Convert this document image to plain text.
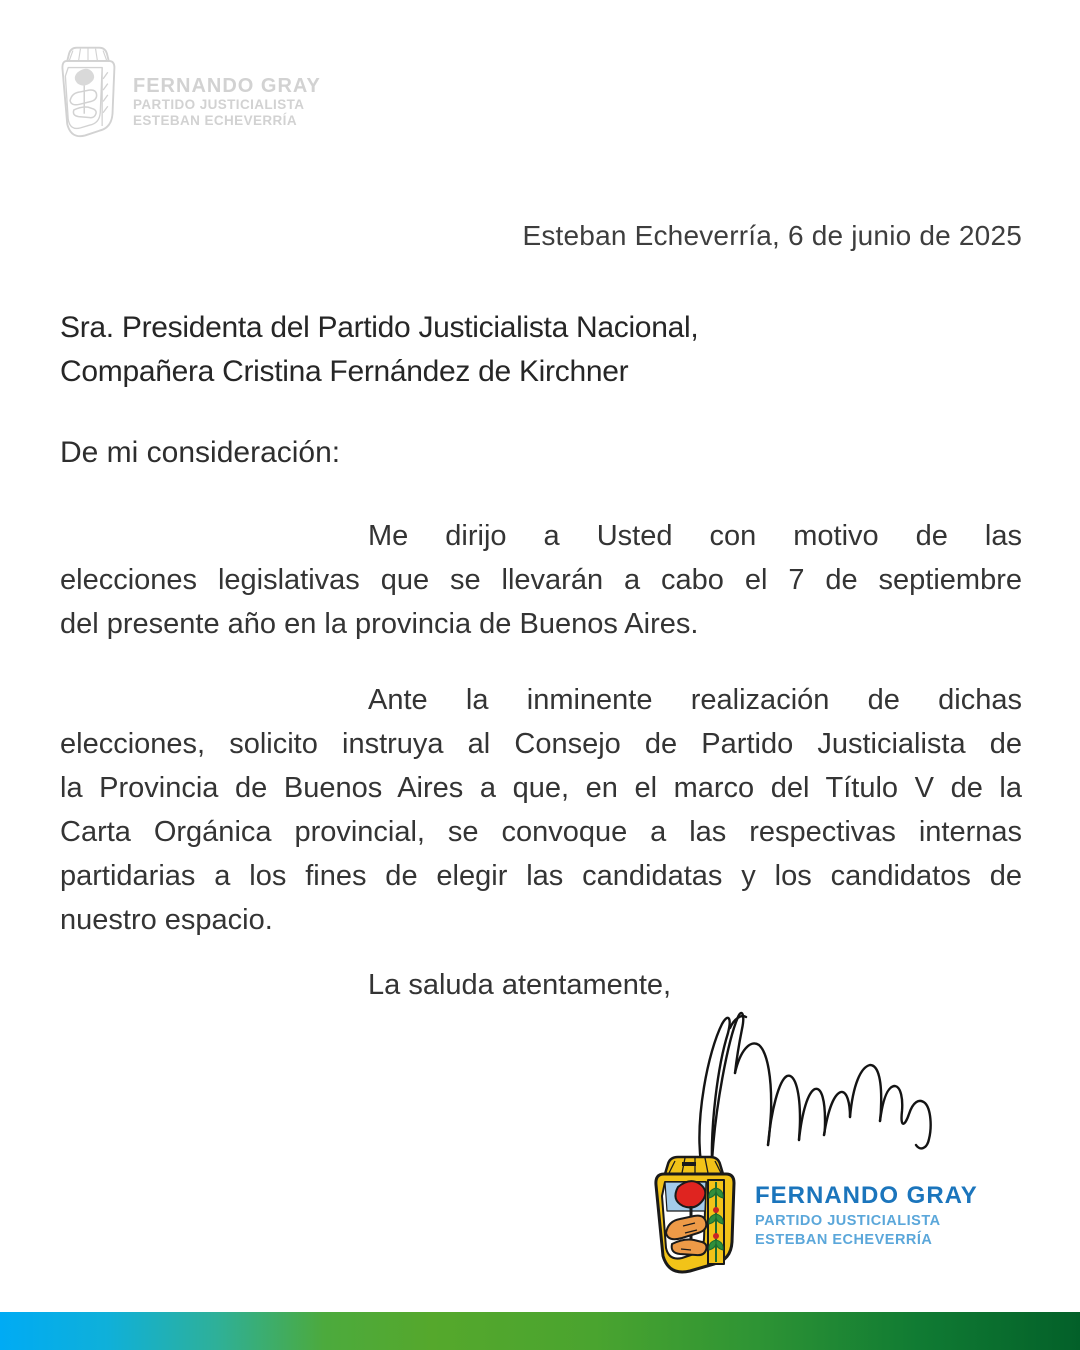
FERNANDO GRAY
PARTIDO JUSTICIALISTA
ESTEBAN ECHEVERRÍA
Esteban Echeverría, 6 de junio de 2025
Sra. Presidenta del Partido Justicialista Nacional,
Compañera Cristina Fernández de Kirchner
De mi consideración:
Me dirijo a Usted con motivo de las
elecciones legislativas que se llevarán a cabo el 7 de septiembre
del presente año en la provincia de Buenos Aires.
Ante la inminente realización de dichas
elecciones, solicito instruya al Consejo de Partido Justicialista de
la Provincia de Buenos Aires a que, en el marco del Título V de la
Carta Orgánica provincial, se convoque a las respectivas internas
partidarias a los fines de elegir las candidatas y los candidatos de
nuestro espacio.
La saluda atentamente,
FERNANDO GRAY
PARTIDO JUSTICIALISTA
ESTEBAN ECHEVERRÍA
